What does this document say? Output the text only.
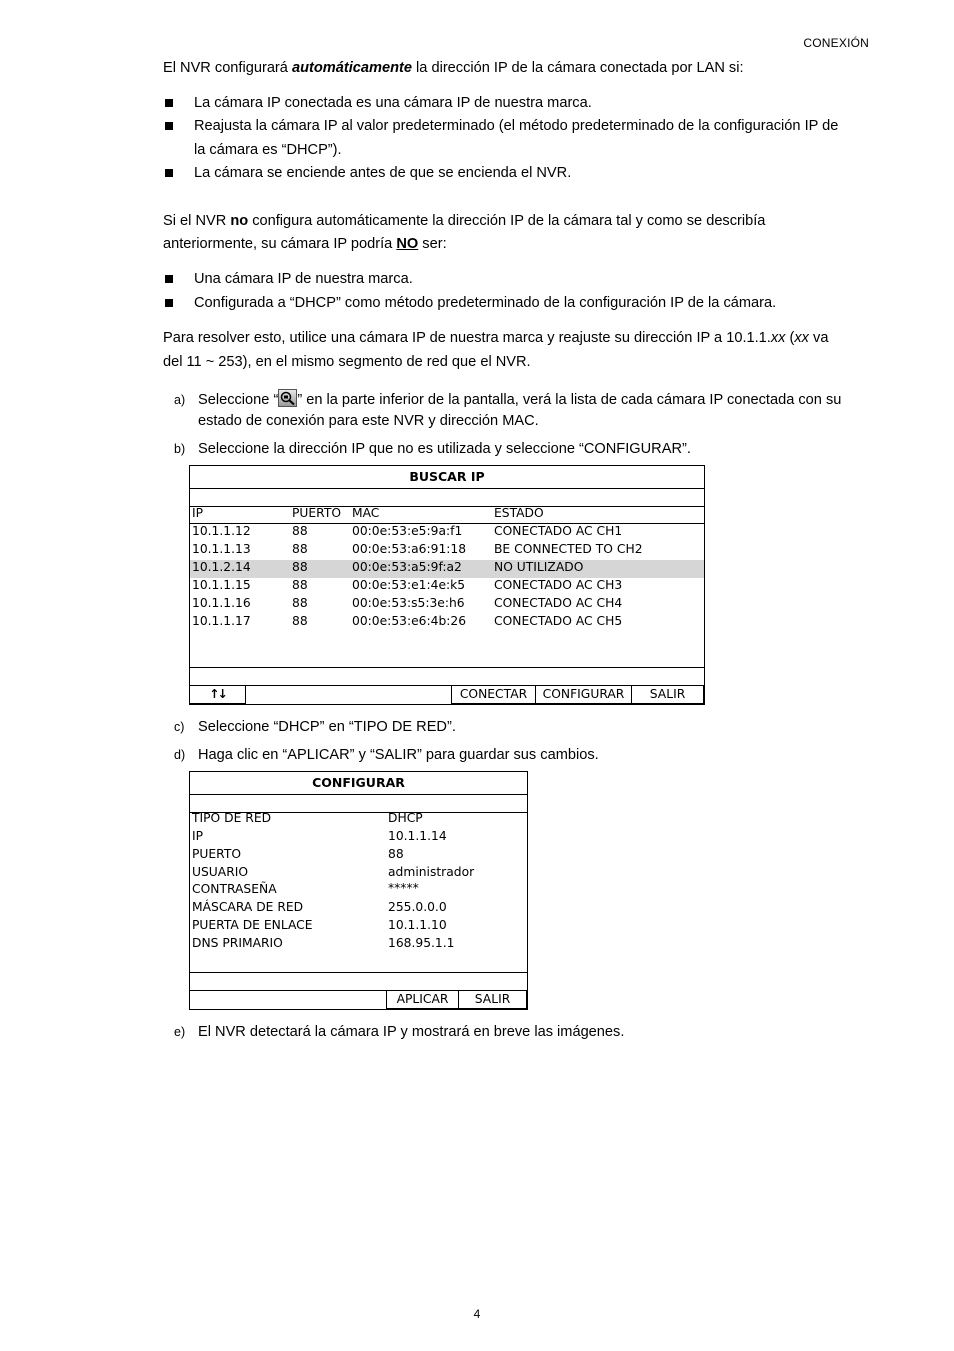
CONEXIÓN
El NVR configurará automáticamente la dirección IP de la cámara conectada por LAN si:
La cámara IP conectada es una cámara IP de nuestra marca.
Reajusta la cámara IP al valor predeterminado (el método predeterminado de la configuración IP de
la cámara es “DHCP”).
La cámara se enciende antes de que se encienda el NVR.
Si el NVR no configura automáticamente la dirección IP de la cámara tal y como se describía
anteriormente, su cámara IP podría NO ser:
Una cámara IP de nuestra marca.
Configurada a “DHCP” como método predeterminado de la configuración IP de la cámara.
Para resolver esto, utilice una cámara IP de nuestra marca y reajuste su dirección IP a 10.1.1.xx (xx va
del 11 ~ 253), en el mismo segmento de red que el NVR.
a) Seleccione “ ” en la parte inferior de la pantalla, verá la lista de cada cámara IP conectada con su
estado de conexión para este NVR y dirección MAC.
b) Seleccione la dirección IP que no es utilizada y seleccione “CONFIGURAR”.
BUSCAR IP
IP	PUERTO MAC	ESTADO
10.1.1.12	88	00:0e:53:e5:9a:f1	CONECTADO AC CH1
10.1.1.13	88	00:0e:53:a6:91:18 BE CONNECTED TO CH2
10.1.2.14	88	00:0e:53:a5:9f:a2	NO UTILIZADO
10.1.1.15	88	00:0e:53:e1:4e:k5 CONECTADO AC CH3
10.1.1.16	88	00:0e:53:s5:3e:h6 CONECTADO AC CH4
10.1.1.17	88	00:0e:53:e6:4b:26 CONECTADO AC CH5
↑↓	CONECTAR	CONFIGURAR	SALIR
c) Seleccione “DHCP” en “TIPO DE RED”.
d) Haga clic en “APLICAR” y “SALIR” para guardar sus cambios.
CONFIGURAR
TIPO DE RED	DHCP
IP	10.1.1.14
PUERTO	88
USUARIO	administrador
CONTRASEÑA	*****
MÁSCARA DE RED	255.0.0.0
PUERTA DE ENLACE	10.1.1.10
DNS PRIMARIO	168.95.1.1
APLICAR	SALIR
e) El NVR detectará la cámara IP y mostrará en breve las imágenes.
4
